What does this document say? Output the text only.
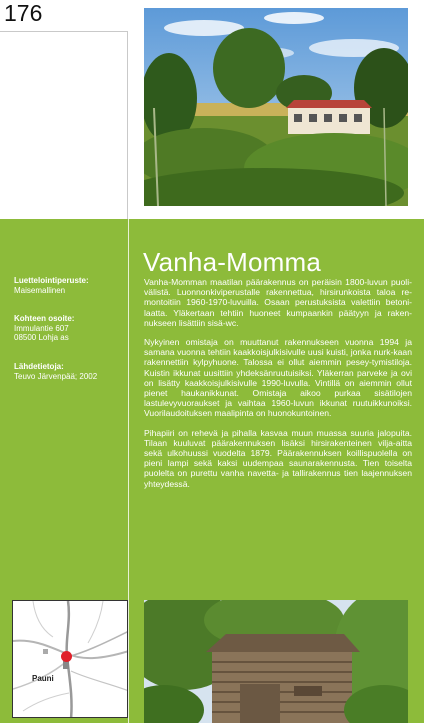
176
Vanha-Momma

Vanha-Momman maatilan päärakennus on peräisin 1800-luvun puoli-välistä. Luonnonkiviperustalle rakennettua, hirsirunkoista taloa re-montoitiin 1960-1970-luvuilla. Osaan perustuksista valettiin betoni-laatta. Yläkertaan tehtiin huoneet kumpaankin päätyyn ja raken-nukseen lisättiin sisä-wc.

Nykyinen omistaja on muuttanut rakennukseen vuonna 1994 ja samana vuonna tehtiin kaakkoisjulkisivulle uusi kuisti, jonka nurk-kaan rakennettiin kylpyhuone. Talossa ei ollut aiemmin pesey-tymistiloja. Kuistin ikkunat uusittiin yhdeksänruutuisiksi. Yläkerran parveke ja ovi on lisätty kaakkoisjulkisivulle 1990-luvulla. Vintillä on aiemmin ollut pienet haukanikkunat. Omistaja aikoo purkaa sisätilojen lastulevyvuoraukset ja vaihtaa 1960-luvun ikkunat ruutuikkunoiksi. Vuorilaudoituksen maalipinta on huonokuntoinen.

Pihapiiri on rehevä ja pihalla kasvaa muun muassa suuria jalopuita. Tilaan kuuluvat päärakennuksen lisäksi hirsirakenteinen vilja-aitta sekä ulkohuussi vuodelta 1879. Päärakennuksen koillispuolella on pieni lampi sekä kaksi uudempaa saunarakennusta. Tien toiselta puolelta on purettu vanha navetta- ja tallirakennus tien laajennuksen yhteydessä.

Luettelointiperuste:
Maisemallinen
Kohteen osoite:
Immulantie 607
08500 Lohja as
Lähdetietoja:
Teuvo Järvenpää; 2002
Pauni
